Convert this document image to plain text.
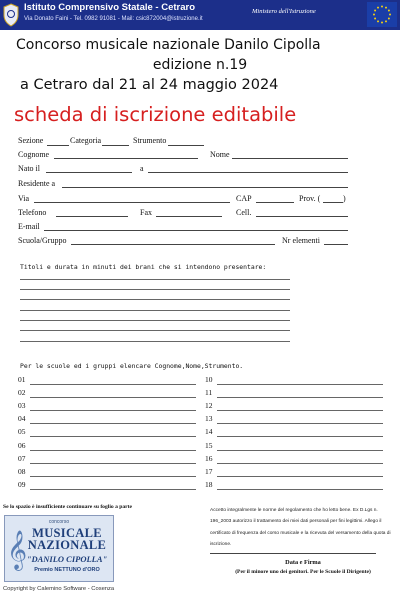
Istituto Comprensivo Statale - Cetraro
Via Donato Faini - Tel. 0982 91081 - Mail: csic872004@istruzione.it
Ministero dell'Istruzione
Concorso musicale nazionale Danilo Cipolla
edizione n.19
a Cetraro dal 21 al 24 maggio 2024
scheda di iscrizione editabile
Sezione	Categoria	Strumento
Cognome	Nome
Nato il	a
Residente a
Via	CAP	Prov. (	)
Telefono	Fax	Cell.
E-mail
Scuola/Gruppo	Nr elementi
Titoli e durata in minuti dei brani che si intendono presentare:
Per le scuole ed i gruppi elencare Cognome,Nome,Strumento.
01
02
03
04
05
06
07
08
09
10
11
12
13
14
15
16
17
18
Se lo spazio è insufficiente continuare su foglio a parte
Accetto integralmente le norme del regolamento che ho letto bene. Ex D.Lgs n. 196_2003 autorizzo il trattamento dei miei dati personali per fini legittimi. Allego il certificato di frequenza del corso musicale e la ricevuta del versamento della quota di iscrizione.
concorso
𝄞 MUSICALE
NAZIONALE
"DANILO CIPOLLA"
Premio NETTUNO d'ORO
Copyright by Calemino Software - Cosenza
Data e Firma
(Per il minore uno dei genitori. Per le Scuole il Dirigente)
